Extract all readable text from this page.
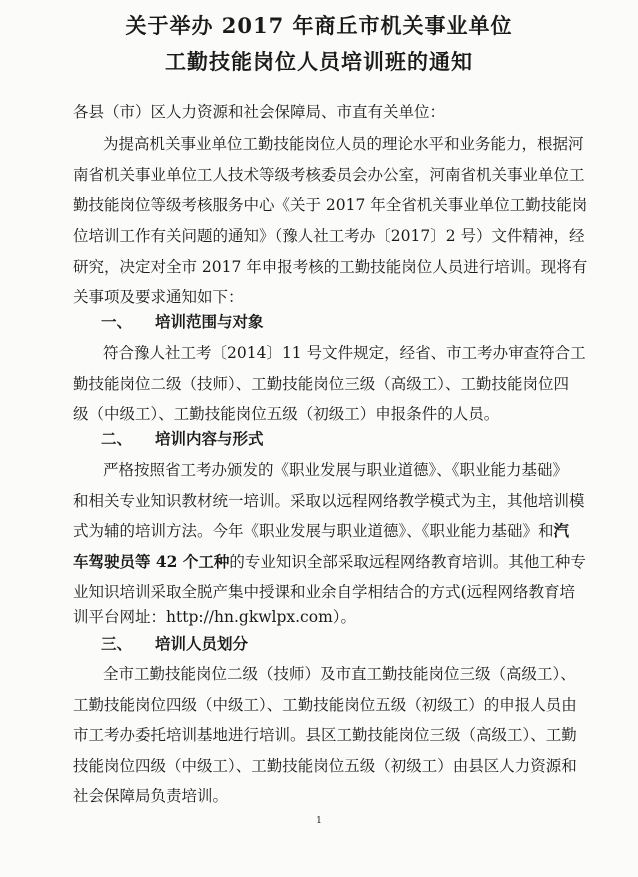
关于举办 2017 年商丘市机关事业单位
工勤技能岗位人员培训班的通知
各县（市）区人力资源和社会保障局、市直有关单位：
为提高机关事业单位工勤技能岗位人员的理论水平和业务能力，根据河
南省机关事业单位工人技术等级考核委员会办公室，河南省机关事业单位工
勤技能岗位等级考核服务中心《关于 2017 年全省机关事业单位工勤技能岗
位培训工作有关问题的通知》（豫人社工考办〔2017〕2 号）文件精神，经
研究，决定对全市 2017 年申报考核的工勤技能岗位人员进行培训。现将有
关事项及要求通知如下：
一、 培训范围与对象
符合豫人社工考〔2014〕11 号文件规定，经省、市工考办审查符合工
勤技能岗位二级（技师）、工勤技能岗位三级（高级工）、工勤技能岗位四
级（中级工）、工勤技能岗位五级（初级工）申报条件的人员。
二、 培训内容与形式
严格按照省工考办颁发的《职业发展与职业道德》、《职业能力基础》
和相关专业知识教材统一培训。采取以远程网络教学模式为主，其他培训模
式为辅的培训方法。今年《职业发展与职业道德》、《职业能力基础》和汽
车驾驶员等 42 个工种的专业知识全部采取远程网络教育培训。其他工种专
业知识培训采取全脱产集中授课和业余自学相结合的方式(远程网络教育培
训平台网址：http://hn.gkwlpx.com）。
三、 培训人员划分
全市工勤技能岗位二级（技师）及市直工勤技能岗位三级（高级工）、
工勤技能岗位四级（中级工）、工勤技能岗位五级（初级工）的申报人员由
市工考办委托培训基地进行培训。县区工勤技能岗位三级（高级工）、工勤
技能岗位四级（中级工）、工勤技能岗位五级（初级工）由县区人力资源和
社会保障局负责培训。
1
